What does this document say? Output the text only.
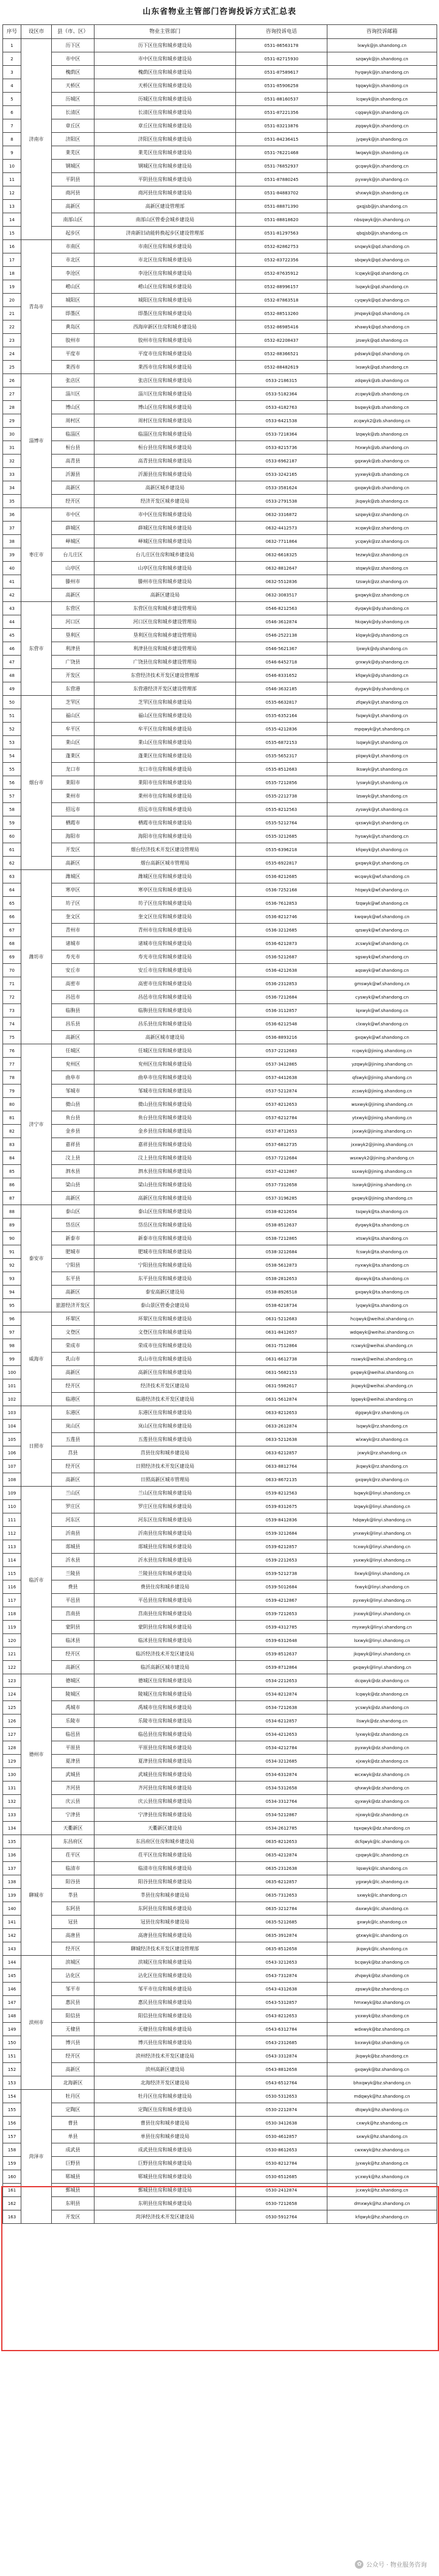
山东省物业主管部门咨询投诉方式汇总表
序号	设区市	县（市、区）	物业主管部门	咨询投诉电话	咨询投诉邮箱
1	济南市	历下区	历下区住房和城乡建设局	0531-86563178	lxwyk@jn.shandong.cn
2		市中区	市中区住房和城乡建设局	0531-82715930	szqwyk@jn.shandong.cn
3		槐荫区	槐荫区住房和城乡建设局	0531-87589617	hyqwyk@jn.shandong.cn
4		天桥区	天桥区住房和城乡建设局	0531-85906258	tqqwyk@jn.shandong.cn
5		历城区	历城区住房和城乡建设局	0531-88160537	lcqwyk@jn.shandong.cn
6		长清区	长清区住房和城乡建设局	0531-87221356	cqqwyk@jn.shandong.cn
7		章丘区	章丘区住房和城乡建设局	0531-83213876	zqqwyk@jn.shandong.cn
8		济阳区	济阳区住房和城乡建设局	0531-84236415	jyqwyk@jn.shandong.cn
9		莱芜区	莱芜区住房和城乡建设局	0531-76221468	lwqwyk@jn.shandong.cn
10		钢城区	钢城区住房和城乡建设局	0531-76852937	gcqwyk@jn.shandong.cn
11		平阴县	平阴县住房和城乡建设局	0531-87880245	pyxwyk@jn.shandong.cn
12		商河县	商河县住房和城乡建设局	0531-84883702	shxwyk@jn.shandong.cn
13		高新区	高新区建设管理部	0531-88871390	gxqjsb@jn.shandong.cn
14		南部山区	南部山区管委会城乡建设局	0531-88818620	nbsqwyk@jn.shandong.cn
15		起步区	济南新旧动能转换起步区建设管理部	0531-81297563	qbqjsb@jn.shandong.cn
16	青岛市	市南区	市南区住房和城乡建设局	0532-82862753	snqwyk@qd.shandong.cn
17		市北区	市北区住房和城乡建设局	0532-83722356	sbqwyk@qd.shandong.cn
18		李沧区	李沧区住房和城乡建设局	0532-87635912	lcqwyk@qd.shandong.cn
19		崂山区	崂山区住房和城乡建设局	0532-88996157	lsqwyk@qd.shandong.cn
20		城阳区	城阳区住房和城乡建设局	0532-87863518	cyqwyk@qd.shandong.cn
21		即墨区	即墨区住房和城乡建设局	0532-88513260	jmqwyk@qd.shandong.cn
22		黄岛区	西海岸新区住房和城乡建设局	0532-86985416	xhawyk@qd.shandong.cn
23		胶州市	胶州市住房和城乡建设局	0532-82208437	jzswyk@qd.shandong.cn
24		平度市	平度市住房和城乡建设局	0532-88366521	pdswyk@qd.shandong.cn
25		莱西市	莱西市住房和城乡建设局	0532-88482619	lxswyk@qd.shandong.cn
26	淄博市	张店区	张店区住房和城乡建设局	0533-2186315	zdqwyk@zb.shandong.cn
27		淄川区	淄川区住房和城乡建设局	0533-5182364	zcqwyk@zb.shandong.cn
28		博山区	博山区住房和城乡建设局	0533-4182763	bsqwyk@zb.shandong.cn
29		周村区	周村区住房和城乡建设局	0533-6421538	zcqwyk2@zb.shandong.cn
30		临淄区	临淄区住房和城乡建设局	0533-7218364	lzqwyk@zb.shandong.cn
31		桓台县	桓台县住房和城乡建设局	0533-8215736	htxwyk@zb.shandong.cn
32		高青县	高青县住房和城乡建设局	0533-6962187	gqxwyk@zb.shandong.cn
33		沂源县	沂源县住房和城乡建设局	0533-3242165	yyxwyk@zb.shandong.cn
34		高新区	高新区城乡建设局	0533-3581624	gxqwyk@zb.shandong.cn
35		经开区	经济开发区城乡建设局	0533-2791538	jkqwyk@zb.shandong.cn
36	枣庄市	市中区	市中区住房和城乡建设局	0632-3316872	szqwyk@zz.shandong.cn
37		薛城区	薛城区住房和城乡建设局	0632-4412573	xcqwyk@zz.shandong.cn
38		峄城区	峄城区住房和城乡建设局	0632-7711864	ycqwyk@zz.shandong.cn
39		台儿庄区	台儿庄区住房和城乡建设局	0632-6618325	tezwyk@zz.shandong.cn
40		山亭区	山亭区住房和城乡建设局	0632-8812647	stqwyk@zz.shandong.cn
41		滕州市	滕州市住房和城乡建设局	0632-5512836	tzswyk@zz.shandong.cn
42		高新区	高新区建设局	0632-3083517	gxqwyk@zz.shandong.cn
43	东营市	东营区	东营区住房和城乡建设管理局	0546-8212563	dyqwyk@dy.shandong.cn
44		河口区	河口区住房和城乡建设管理局	0546-3612874	hkqwyk@dy.shandong.cn
45		垦利区	垦利区住房和城乡建设管理局	0546-2522138	klqwyk@dy.shandong.cn
46		利津县	利津县住房和城乡建设管理局	0546-5621367	ljxwyk@dy.shandong.cn
47		广饶县	广饶县住房和城乡建设管理局	0546-6452718	grxwyk@dy.shandong.cn
48		开发区	东营经济技术开发区建设管理部	0546-8331652	kfqwyk@dy.shandong.cn
49		东营港	东营港经济开发区建设管理部	0546-3632185	dygwyk@dy.shandong.cn
50	烟台市	芝罘区	芝罘区住房和城乡建设局	0535-6632817	zfqwyk@yt.shandong.cn
51		福山区	福山区住房和城乡建设局	0535-6352164	fsqwyk@yt.shandong.cn
52		牟平区	牟平区住房和城乡建设局	0535-4212836	mpqwyk@yt.shandong.cn
53		莱山区	莱山区住房和城乡建设局	0535-6872153	lsqwyk@yt.shandong.cn
54		蓬莱区	蓬莱区住房和城乡建设局	0535-5652317	plqwyk@yt.shandong.cn
55		龙口市	龙口市住房和城乡建设局	0535-8512683	lkswyk@yt.shandong.cn
56		莱阳市	莱阳市住房和城乡建设局	0535-7212856	lyswyk@yt.shandong.cn
57		莱州市	莱州市住房和城乡建设局	0535-2212738	lzswyk@yt.shandong.cn
58		招远市	招远市住房和城乡建设局	0535-8212563	zyswyk@yt.shandong.cn
59		栖霞市	栖霞市住房和城乡建设局	0535-5212764	qxswyk@yt.shandong.cn
60		海阳市	海阳市住房和城乡建设局	0535-3212685	hyswyk@yt.shandong.cn
61		开发区	烟台经济技术开发区建设管理局	0535-6396218	kfqwyk@yt.shandong.cn
62		高新区	烟台高新区城市管理局	0535-6922817	gxqwyk@yt.shandong.cn
63	潍坊市	潍城区	潍城区住房和城乡建设局	0536-8212685	wcqwyk@wf.shandong.cn
64		寒亭区	寒亭区住房和城乡建设局	0536-7252168	htqwyk@wf.shandong.cn
65		坊子区	坊子区住房和城乡建设局	0536-7612853	fzqwyk@wf.shandong.cn
66		奎文区	奎文区住房和城乡建设局	0536-8212746	kwqwyk@wf.shandong.cn
67		青州市	青州市住房和城乡建设局	0536-3212685	qzswyk@wf.shandong.cn
68		诸城市	诸城市住房和城乡建设局	0536-6212873	zcswyk@wf.shandong.cn
69		寿光市	寿光市住房和城乡建设局	0536-5212687	sgswyk@wf.shandong.cn
70		安丘市	安丘市住房和城乡建设局	0536-4212638	aqswyk@wf.shandong.cn
71		高密市	高密市住房和城乡建设局	0536-2312853	gmswyk@wf.shandong.cn
72		昌邑市	昌邑市住房和城乡建设局	0536-7212684	cyswyk@wf.shandong.cn
73		临朐县	临朐县住房和城乡建设局	0536-3112857	lqxwyk@wf.shandong.cn
74		昌乐县	昌乐县住房和城乡建设局	0536-6212548	clxwyk@wf.shandong.cn
75		高新区	高新区城市建设局	0536-8893216	gxqwyk@wf.shandong.cn
76	济宁市	任城区	任城区住房和城乡建设局	0537-2212683	rcqwyk@jining.shandong.cn
77		兖州区	兖州区住房和城乡建设局	0537-3412865	yzqwyk@jining.shandong.cn
78		曲阜市	曲阜市住房和城乡建设局	0537-4412638	qfswyk@jining.shandong.cn
79		邹城市	邹城市住房和城乡建设局	0537-5212874	zcswyk@jining.shandong.cn
80		微山县	微山县住房和城乡建设局	0537-8212653	wsxwyk@jining.shandong.cn
81		鱼台县	鱼台县住房和城乡建设局	0537-6212784	ytxwyk@jining.shandong.cn
82		金乡县	金乡县住房和城乡建设局	0537-8712653	jxxwyk@jining.shandong.cn
83		嘉祥县	嘉祥县住房和城乡建设局	0537-6812735	jxxwyk2@jining.shandong.cn
84		汶上县	汶上县住房和城乡建设局	0537-7212684	wsxwyk2@jining.shandong.cn
85		泗水县	泗水县住房和城乡建设局	0537-4212867	ssxwyk@jining.shandong.cn
86		梁山县	梁山县住房和城乡建设局	0537-7312658	lsxwyk@jining.shandong.cn
87		高新区	高新区住房和城乡建设局	0537-3196285	gxqwyk@jining.shandong.cn
88	泰安市	泰山区	泰山区住房和城乡建设局	0538-8212654	tsqwyk@ta.shandong.cn
89		岱岳区	岱岳区住房和城乡建设局	0538-8512637	dyqwyk@ta.shandong.cn
90		新泰市	新泰市住房和城乡建设局	0538-7212865	xtswyk@ta.shandong.cn
91		肥城市	肥城市住房和城乡建设局	0538-3212684	fcswyk@ta.shandong.cn
92		宁阳县	宁阳县住房和城乡建设局	0538-5612873	nyxwyk@ta.shandong.cn
93		东平县	东平县住房和城乡建设局	0538-2812653	dpxwyk@ta.shandong.cn
94		高新区	泰安高新区建设局	0538-8926518	gxqwyk@ta.shandong.cn
95		旅游经济开发区	泰山景区管委会建设局	0538-6218734	lyqwyk@ta.shandong.cn
96	威海市	环翠区	环翠区住房和城乡建设局	0631-5212683	hcqwyk@weihai.shandong.cn
97		文登区	文登区住房和城乡建设局	0631-8412657	wdqwyk@weihai.shandong.cn
98		荣成市	荣成市住房和城乡建设局	0631-7512864	rcswyk@weihai.shandong.cn
99		乳山市	乳山市住房和城乡建设局	0631-6612738	rsswyk@weihai.shandong.cn
100		高新区	高新区住房和城乡建设局	0631-5682153	gxqwyk@weihai.shandong.cn
101		经开区	经济技术开发区建设局	0631-5982617	jkqwyk@weihai.shandong.cn
102		临港区	临港经济技术开发区建设局	0631-5612874	lgqwyk@weihai.shandong.cn
103	日照市	东港区	东港区住房和城乡建设局	0633-8212653	dgqwyk@rz.shandong.cn
104		岚山区	岚山区住房和城乡建设局	0633-2612874	lsqwyk@rz.shandong.cn
105		五莲县	五莲县住房和城乡建设局	0633-5212638	wlxwyk@rz.shandong.cn
106		莒县	莒县住房和城乡建设局	0633-6212857	jxwyk@rz.shandong.cn
107		经开区	日照经济技术开发区建设局	0633-8812764	jkqwyk@rz.shandong.cn
108		高新区	日照高新区城市管理局	0633-8672135	gxqwyk@rz.shandong.cn
109	临沂市	兰山区	兰山区住房和城乡建设局	0539-8212563	lsqwyk@linyi.shandong.cn
110		罗庄区	罗庄区住房和城乡建设局	0539-8312675	lzqwyk@linyi.shandong.cn
111		河东区	河东区住房和城乡建设局	0539-8412836	hdqwyk@linyi.shandong.cn
112		沂南县	沂南县住房和城乡建设局	0539-3212684	ynxwyk@linyi.shandong.cn
113		郯城县	郯城县住房和城乡建设局	0539-6212857	tcxwyk@linyi.shandong.cn
114		沂水县	沂水县住房和城乡建设局	0539-2212653	ysxwyk@linyi.shandong.cn
115		兰陵县	兰陵县住房和城乡建设局	0539-5212738	llxwyk@linyi.shandong.cn
116		费县	费县住房和城乡建设局	0539-5012684	fxwyk@linyi.shandong.cn
117		平邑县	平邑县住房和城乡建设局	0539-4212867	pyxwyk@linyi.shandong.cn
118		莒南县	莒南县住房和城乡建设局	0539-7212653	jnxwyk@linyi.shandong.cn
119		蒙阴县	蒙阴县住房和城乡建设局	0539-4312785	myxwyk@linyi.shandong.cn
120		临沭县	临沭县住房和城乡建设局	0539-6312648	lsxwyk@linyi.shandong.cn
121		经开区	临沂经济技术开发区建设局	0539-8512637	jkqwyk@linyi.shandong.cn
122		高新区	临沂高新区城市建设局	0539-8712864	gxqwyk@linyi.shandong.cn
123	德州市	德城区	德城区住房和城乡建设局	0534-2212653	dcqwyk@dz.shandong.cn
124		陵城区	陵城区住房和城乡建设局	0534-8212874	lcqwyk@dz.shandong.cn
125		禹城市	禹城市住房和城乡建设局	0534-7212638	ycswyk@dz.shandong.cn
126		乐陵市	乐陵市住房和城乡建设局	0534-6212857	llswyk@dz.shandong.cn
127		临邑县	临邑县住房和城乡建设局	0534-4212653	lyxwyk@dz.shandong.cn
128		平原县	平原县住房和城乡建设局	0534-4212784	pyxwyk@dz.shandong.cn
129		夏津县	夏津县住房和城乡建设局	0534-3212685	xjxwyk@dz.shandong.cn
130		武城县	武城县住房和城乡建设局	0534-6312874	wcxwyk@dz.shandong.cn
131		齐河县	齐河县住房和城乡建设局	0534-5312658	qhxwyk@dz.shandong.cn
132		庆云县	庆云县住房和城乡建设局	0534-3312764	qyxwyk@dz.shandong.cn
133		宁津县	宁津县住房和城乡建设局	0534-5212867	njxwyk@dz.shandong.cn
134		天衢新区	天衢新区建设局	0534-2612785	tqxqwyk@dz.shandong.cn
135	聊城市	东昌府区	东昌府区住房和城乡建设局	0635-8212653	dcfqwyk@lc.shandong.cn
136		茌平区	茌平区住房和城乡建设局	0635-4212874	cpqwyk@lc.shandong.cn
137		临清市	临清市住房和城乡建设局	0635-2312638	lqswyk@lc.shandong.cn
138		阳谷县	阳谷县住房和城乡建设局	0635-6212857	ygxwyk@lc.shandong.cn
139		莘县	莘县住房和城乡建设局	0635-7312653	sxwyk@lc.shandong.cn
140		东阿县	东阿县住房和城乡建设局	0635-3212784	daxwyk@lc.shandong.cn
141		冠县	冠县住房和城乡建设局	0635-5212685	gxwyk@lc.shandong.cn
142		高唐县	高唐县住房和城乡建设局	0635-3912874	gtxwyk@lc.shandong.cn
143		经开区	聊城经济技术开发区建设管理部	0635-8512658	jkqwyk@lc.shandong.cn
144	滨州市	滨城区	滨城区住房和城乡建设局	0543-3212653	bcqwyk@bz.shandong.cn
145		沾化区	沾化区住房和城乡建设局	0543-7312874	zhqwyk@bz.shandong.cn
146		邹平市	邹平市住房和城乡建设局	0543-4312638	zpswyk@bz.shandong.cn
147		惠民县	惠民县住房和城乡建设局	0543-5312857	hmxwyk@bz.shandong.cn
148		阳信县	阳信县住房和城乡建设局	0543-8212653	yxxwyk@bz.shandong.cn
149		无棣县	无棣县住房和城乡建设局	0543-6312784	wdxwyk@bz.shandong.cn
150		博兴县	博兴县住房和城乡建设局	0543-2312685	bxxwyk@bz.shandong.cn
151		经开区	滨州经济技术开发区建设局	0543-3312874	jkqwyk@bz.shandong.cn
152		高新区	滨州高新区建设局	0543-8812658	gxqwyk@bz.shandong.cn
153		北海新区	北海经济开发区建设局	0543-6512764	bhxqwyk@bz.shandong.cn
154	菏泽市	牡丹区	牡丹区住房和城乡建设局	0530-5312653	mdqwyk@hz.shandong.cn
155		定陶区	定陶区住房和城乡建设局	0530-2212874	dtqwyk@hz.shandong.cn
156		曹县	曹县住房和城乡建设局	0530-3412638	cxwyk@hz.shandong.cn
157		单县	单县住房和城乡建设局	0530-4612857	sxwyk@hz.shandong.cn
158		成武县	成武县住房和城乡建设局	0530-8612653	cwxwyk@hz.shandong.cn
159		巨野县	巨野县住房和城乡建设局	0530-8212784	jyxwyk@hz.shandong.cn
160		郓城县	郓城县住房和城乡建设局	0530-6512685	ycxwyk@hz.shandong.cn
161		鄄城县	鄄城县住房和城乡建设局	0530-2412874	jcxwyk@hz.shandong.cn
162		东明县	东明县住房和城乡建设局	0530-7212658	dmxwyk@hz.shandong.cn
163		开发区	菏泽经济技术开发区建设局	0530-5912764	kfqwyk@hz.shandong.cn
✿ 公众号 · 物业服务咨询
